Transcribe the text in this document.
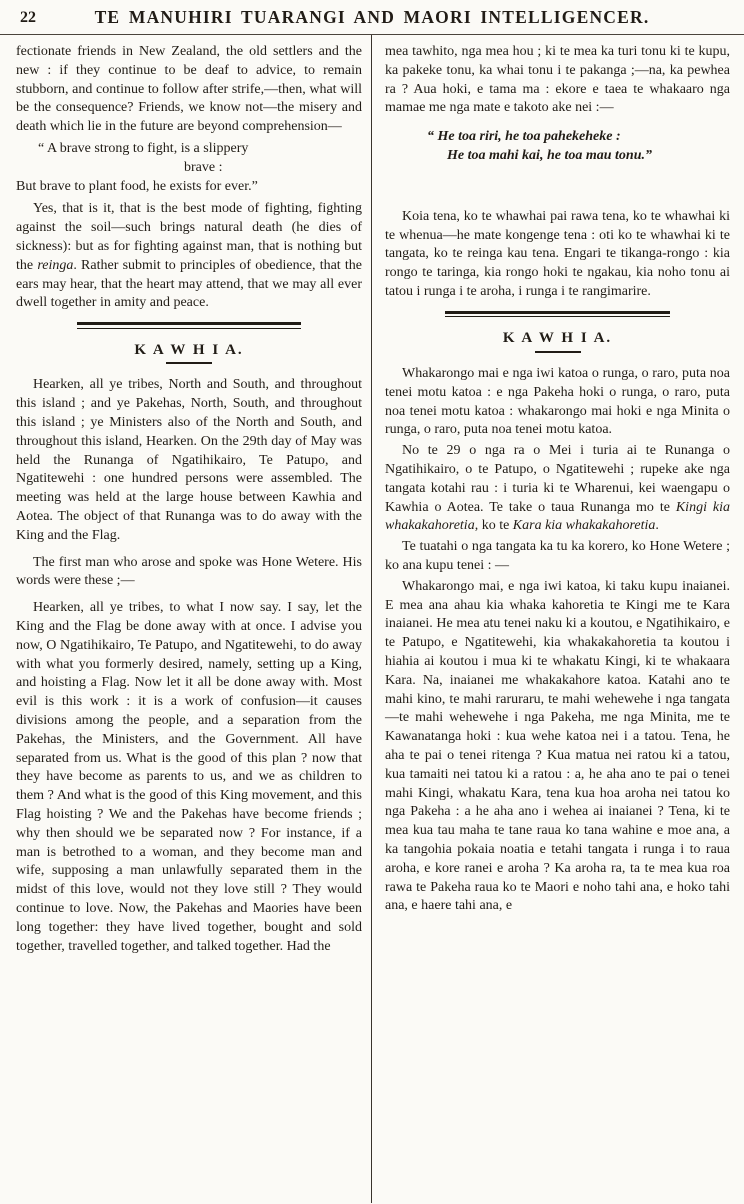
22	TE MANUHIRI TUARANGI AND MAORI INTELLIGENCER.

fectionate friends in New Zealand, the old settlers and the new : if they continue to be deaf to advice, to remain stubborn, and continue to follow after strife,—then, what will be the consequence? Friends, we know not—the misery and death which lie in the future are beyond comprehension—

“ A brave strong to fight, is a slippery
brave :
But brave to plant food, he exists for ever.”

Yes, that is it, that is the best mode of fighting, fighting against the soil—such brings natural death (he dies of sickness): but as for fighting against man, that is nothing but the reinga. Rather submit to principles of obedience, that the ears may hear, that the heart may attend, that we may all ever dwell together in amity and peace.

K A W H I A.

Hearken, all ye tribes, North and South, and throughout this island ; and ye Pakehas, North, South, and throughout this island ; ye Ministers also of the North and South, and throughout this island, Hearken. On the 29th day of May was held the Runanga of Ngatihikairo, Te Patupo, and Ngatitewehi : one hundred persons were assembled. The meeting was held at the large house between Kawhia and Aotea. The object of that Runanga was to do away with the King and the Flag.

The first man who arose and spoke was Hone Wetere. His words were these ;—

Hearken, all ye tribes, to what I now say. I say, let the King and the Flag be done away with at once. I advise you now, O Ngatihikairo, Te Patupo, and Ngatitewehi, to do away with what you formerly desired, namely, setting up a King, and hoisting a Flag. Now let it all be done away with. Most evil is this work : it is a work of confusion—it causes divisions among the people, and a separation from the Pakehas, the Ministers, and the Government. All have separated from us. What is the good of this plan ? now that they have become as parents to us, and we as children to them ? And what is the good of this King movement, and this Flag hoisting ? We and the Pakehas have become friends ; why then should we be separated now ? For instance, if a man is betrothed to a woman, and they become man and wife, supposing a man unlawfully separated them in the midst of this love, would not they love still ? They would continue to love. Now, the Pakehas and Maories have been long together: they have lived together, bought and sold together, travelled together, and talked together. Had the

mea tawhito, nga mea hou ; ki te mea ka turi tonu ki te kupu, ka pakeke tonu, ka whai tonu i te pakanga ;—na, ka pewhea ra ? Aua hoki, e tama ma : ekore e taea te whakaaro nga mamae me nga mate e takoto ake nei :—

“ He toa riri, he toa pahekeheke :
He toa mahi kai, he toa mau tonu.”

Koia tena, ko te whawhai pai rawa tena, ko te whawhai ki te whenua—he mate kongenge tena : oti ko te whawhai ki te tangata, ko te reinga kau tena. Engari te tikanga-rongo : kia rongo te taringa, kia rongo hoki te ngakau, kia noho tonu ai tatou i runga i te aroha, i runga i te rangimarire.

K A W H I A.

Whakarongo mai e nga iwi katoa o runga, o raro, puta noa tenei motu katoa : e nga Pakeha hoki o runga, o raro, puta noa tenei motu katoa : whakarongo mai hoki e nga Minita o runga, o raro, puta noa tenei motu katoa.

No te 29 o nga ra o Mei i turia ai te Runanga o Ngatihikairo, o te Patupo, o Ngatitewehi ; rupeke ake nga tangata kotahi rau : i turia ki te Wharenui, kei waengapu o Kawhia o Aotea. Te take o taua Runanga mo te Kingi kia whakakahoretia, ko te Kara kia whakakahoretia.

Te tuatahi o nga tangata ka tu ka korero, ko Hone Wetere ; ko ana kupu tenei : —

Whakarongo mai, e nga iwi katoa, ki taku kupu inaianei. E mea ana ahau kia whaka kahoretia te Kingi me te Kara inaianei. He mea atu tenei naku ki a koutou, e Ngatihikairo, e te Patupo, e Ngatitewehi, kia whakakahoretia ta koutou i hiahia ai koutou i mua ki te whakatu Kingi, ki te whakaara Kara. Na, inaianei me whakakahore katoa. Katahi ano te mahi kino, te mahi raruraru, te mahi wehewehe i nga tangata—te mahi wehewehe i nga Pakeha, me nga Minita, me te Kawanatanga hoki : kua wehe katoa nei i a tatou. Tena, he aha te pai o tenei ritenga ? Kua matua nei ratou ki a tatou, kua tamaiti nei tatou ki a ratou : a, he aha ano te pai o tenei mahi Kingi, whakatu Kara, tena kua hoa aroha nei tatou ko nga Pakeha : a he aha ano i wehea ai inaianei ? Tena, ki te mea kua tau maha te tane raua ko tana wahine e moe ana, a ka tangohia pokaia noatia e tetahi tangata i runga i to raua aroha, e kore ranei e aroha ? Ka aroha ra, ta te mea kua roa rawa te Pakeha raua ko te Maori e noho tahi ana, e hoko tahi ana, e haere tahi ana, e
